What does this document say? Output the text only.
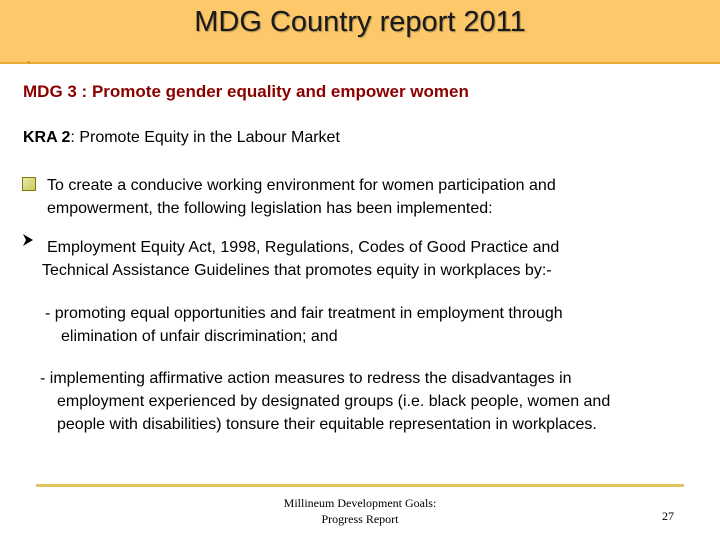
MDG Country report 2011
-
MDG 3 : Promote gender equality and empower women
KRA 2: Promote Equity in the Labour Market
To create a conducive working environment for women participation and
empowerment, the following legislation has been implemented:
Employment Equity Act, 1998, Regulations, Codes of Good Practice and
Technical Assistance Guidelines that promotes equity in workplaces by:-
- promoting equal opportunities and fair treatment in employment through
elimination of unfair discrimination; and
- implementing affirmative action measures to redress the disadvantages in
employment experienced by designated groups (i.e. black people, women and
people with disabilities) tonsure their equitable representation in workplaces.
Millineum Development Goals:
Progress Report	27
